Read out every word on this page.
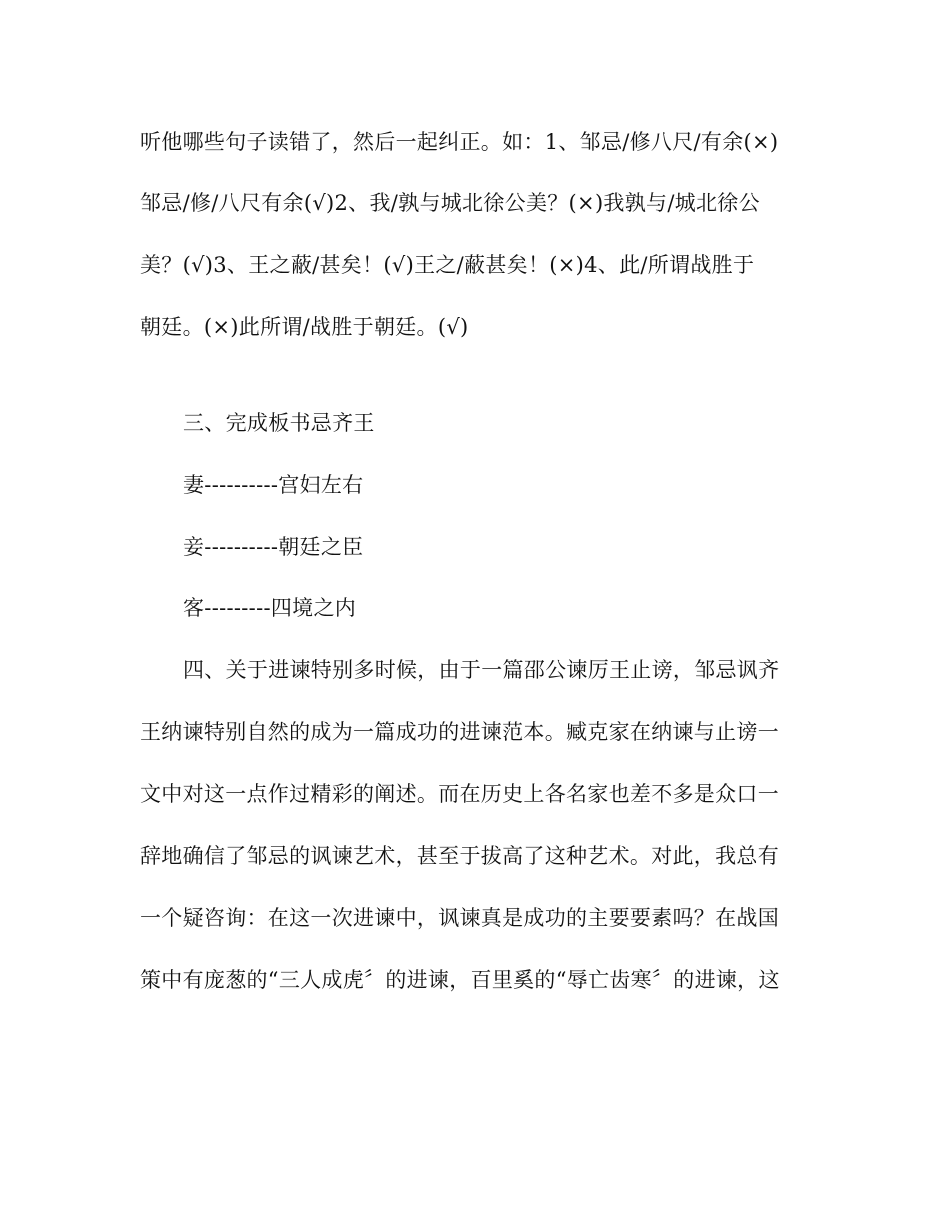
听他哪些句子读错了，然后一起纠正。如：1、邹忌/修八尺/有余(×)
邹忌/修/八尺有余(√)2、我/孰与城北徐公美？(×)我孰与/城北徐公
美？(√)3、王之蔽/甚矣！(√)王之/蔽甚矣！(×)4、此/所谓战胜于
朝廷。(×)此所谓/战胜于朝廷。(√)
三、完成板书忌齐王
妻----------宫妇左右
妾----------朝廷之臣
客---------四境之内
四、关于进谏特别多时候，由于一篇邵公谏厉王止谤，邹忌讽齐
王纳谏特别自然的成为一篇成功的进谏范本。臧克家在纳谏与止谤一
文中对这一点作过精彩的阐述。而在历史上各名家也差不多是众口一
辞地确信了邹忌的讽谏艺术，甚至于拔高了这种艺术。对此，我总有
一个疑咨询：在这一次进谏中，讽谏真是成功的主要要素吗？在战国
策中有庞葱的“三人成虎〞的进谏，百里奚的“辱亡齿寒〞的进谏，这
